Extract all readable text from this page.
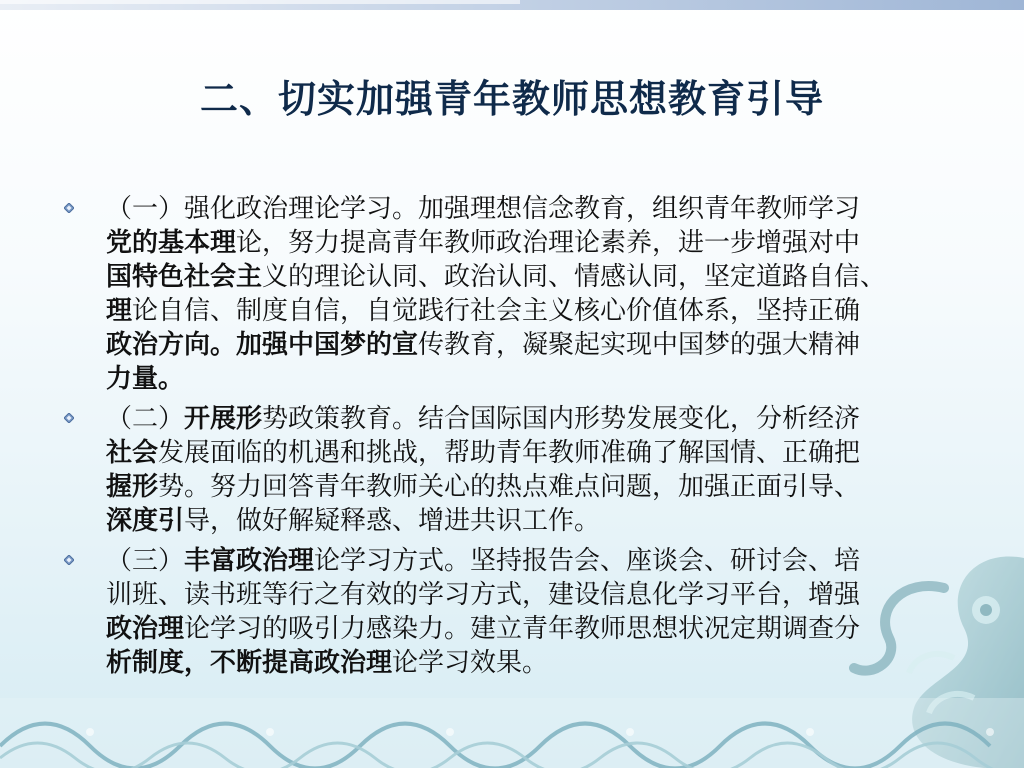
二、切实加强青年教师思想教育引导
（一）强化政治理论学习。加强理想信念教育，组织青年教师学习
党的基本理论，努力提高青年教师政治理论素养，进一步增强对中
国特色社会主义的理论认同、政治认同、情感认同，坚定道路自信、
理论自信、制度自信，自觉践行社会主义核心价值体系，坚持正确
政治方向。加强中国梦的宣传教育，凝聚起实现中国梦的强大精神
力量。
（二）开展形势政策教育。结合国际国内形势发展变化，分析经济
社会发展面临的机遇和挑战，帮助青年教师准确了解国情、正确把
握形势。努力回答青年教师关心的热点难点问题，加强正面引导、
深度引导，做好解疑释惑、增进共识工作。
（三）丰富政治理论学习方式。坚持报告会、座谈会、研讨会、培
训班、读书班等行之有效的学习方式，建设信息化学习平台，增强
政治理论学习的吸引力感染力。建立青年教师思想状况定期调查分
析制度，不断提高政治理论学习效果。
